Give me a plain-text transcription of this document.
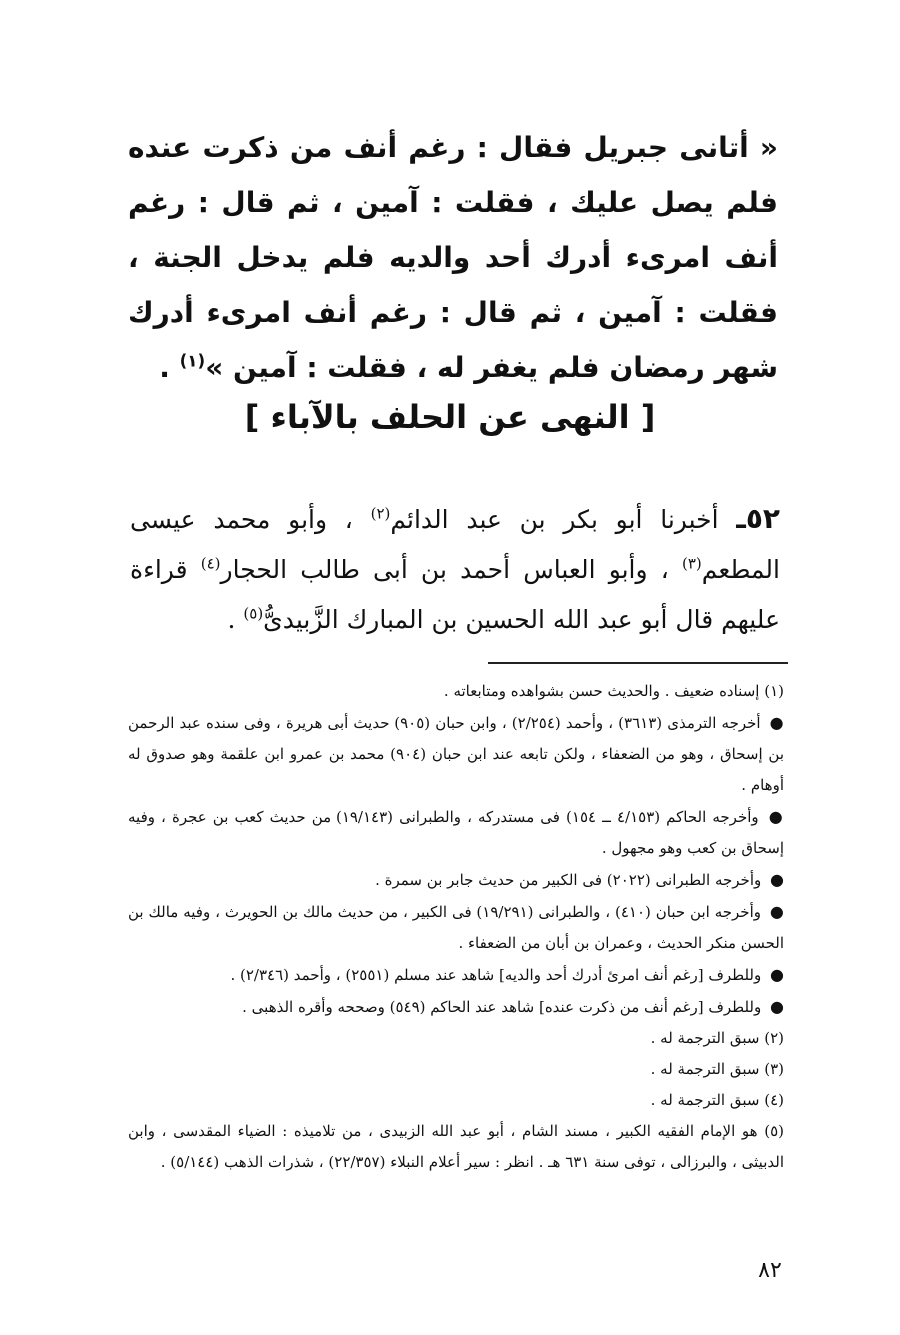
« أتانى جبريل فقال : رغم أنف من ذكرت عنده فلم يصل عليك ، فقلت : آمين ، ثم قال : رغم أنف امرىء أدرك أحد والديه فلم يدخل الجنة ، فقلت : آمين ، ثم قال : رغم أنف امرىء أدرك شهر رمضان فلم يغفر له ، فقلت : آمين »$^{(١)}$ .

[ النهى عن الحلف بالآباء ]

٥٢ـ أخبرنا أبو بكر بن عبد الدائم$^{(٢)}$ ، وأبو محمد عيسى المطعم$^{(٣)}$ ، وأبو العباس أحمد بن أبى طالب الحجار$^{(٤)}$ قراءة عليهم قال أبو عبد الله الحسين بن المبارك الزَّبيدىُّ$^{(٥)}$ .

(١) إسناده ضعيف . والحديث حسن بشواهده ومتابعاته .

● أخرجه الترمذى (٣٦١٣) ، وأحمد (٢/٢٥٤) ، وابن حبان (٩٠٥) حديث أبى هريرة ، وفى سنده عبد الرحمن بن إسحاق ، وهو من الضعفاء ، ولكن تابعه عند ابن حبان (٩٠٤) محمد بن عمرو ابن علقمة وهو صدوق له أوهام .

● وأخرجه الحاكم (٤/١٥٣ ــ ١٥٤) فى مستدركه ، والطبرانى (١٩/١٤٣) من حديث كعب بن عجرة ، وفيه إسحاق بن كعب وهو مجهول .

● وأخرجه الطبرانى (٢٠٢٢) فى الكبير من حديث جابر بن سمرة .

● وأخرجه ابن حبان (٤١٠) ، والطبرانى (١٩/٢٩١) فى الكبير ، من حديث مالك بن الحويرث ، وفيه مالك بن الحسن منكر الحديث ، وعمران بن أبان من الضعفاء .

● وللطرف [رغم أنف امرئ أدرك أحد والديه] شاهد عند مسلم (٢٥٥١) ، وأحمد (٢/٣٤٦) .

● وللطرف [رغم أنف من ذكرت عنده] شاهد عند الحاكم (٥٤٩) وصححه وأقره الذهبى .

(٢) سبق الترجمة له .

(٣) سبق الترجمة له .

(٤) سبق الترجمة له .

(٥) هو الإمام الفقيه الكبير ، مسند الشام ، أبو عبد الله الزبيدى ، من تلاميذه : الضياء المقدسى ، وابن الدبيثى ، والبرزالى ، توفى سنة ٦٣١ هـ . انظر : سير أعلام النبلاء (٢٢/٣٥٧) ، شذرات الذهب (٥/١٤٤) .

٨٢
